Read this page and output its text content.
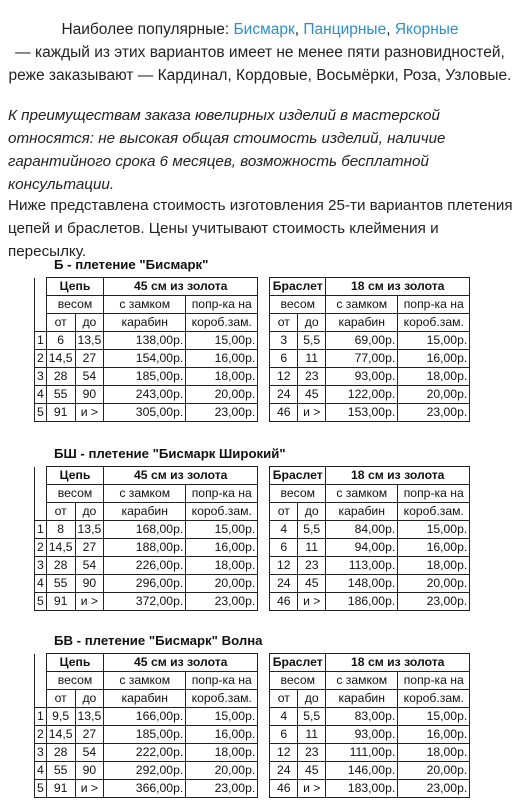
Наиболее популярные: Бисмарк, Панцирные, Якорные
— каждый из этих вариантов имеет не менее пяти разновидностей,
реже заказывают — Кардинал, Кордовые, Восьмёрки, Роза, Узловые.
К преимуществам заказа ювелирных изделий в мастерской относятся: не высокая общая стоимость изделий, наличие гарантийного срока 6 месяцев, возможность бесплатной консультации.
Ниже представлена стоимость изготовления 25-ти вариантов плетения цепей и браслетов. Цены учитывают стоимость клеймения и пересылку.
Б - плетение "Бисмарк"
	Цепь		45 см из золота			Браслет		18 см из золота	
	весом		с замком	попр-ка на		весом		с замком	попр-ка на
	от	до	карабин	короб.зам.		от	до	карабин	короб.зам.
1	6	13,5	138,00р.	15,00р.		3	5,5	69,00р.	15,00р.
2	14,5	27	154,00р.	16,00р.		6	11	77,00р.	16,00р.
3	28	54	185,00р.	18,00р.		12	23	93,00р.	18,00р.
4	55	90	243,00р.	20,00р.		24	45	122,00р.	20,00р.
5	91	и >	305,00р.	23,00р.		46	и >	153,00р.	23,00р.
БШ - плетение "Бисмарк Широкий"
	Цепь		45 см из золота			Браслет		18 см из золота	
	весом		с замком	попр-ка на		весом		с замком	попр-ка на
	от	до	карабин	короб.зам.		от	до	карабин	короб.зам.
1	8	13,5	168,00р.	15,00р.		4	5,5	84,00р.	15,00р.
2	14,5	27	188,00р.	16,00р.		6	11	94,00р.	16,00р.
3	28	54	226,00р.	18,00р.		12	23	113,00р.	18,00р.
4	55	90	296,00р.	20,00р.		24	45	148,00р.	20,00р.
5	91	и >	372,00р.	23,00р.		46	и >	186,00р.	23,00р.
БВ - плетение "Бисмарк" Волна
	Цепь		45 см из золота			Браслет		18 см из золота	
	весом		с замком	попр-ка на		весом		с замком	попр-ка на
	от	до	карабин	короб.зам.		от	до	карабин	короб.зам.
1	9,5	13,5	166,00р.	15,00р.		4	5,5	83,00р.	15,00р.
2	14,5	27	185,00р.	16,00р.		6	11	93,00р.	16,00р.
3	28	54	222,00р.	18,00р.		12	23	111,00р.	18,00р.
4	55	90	292,00р.	20,00р.		24	45	146,00р.	20,00р.
5	91	и >	366,00р.	23,00р.		46	и >	183,00р.	23,00р.
